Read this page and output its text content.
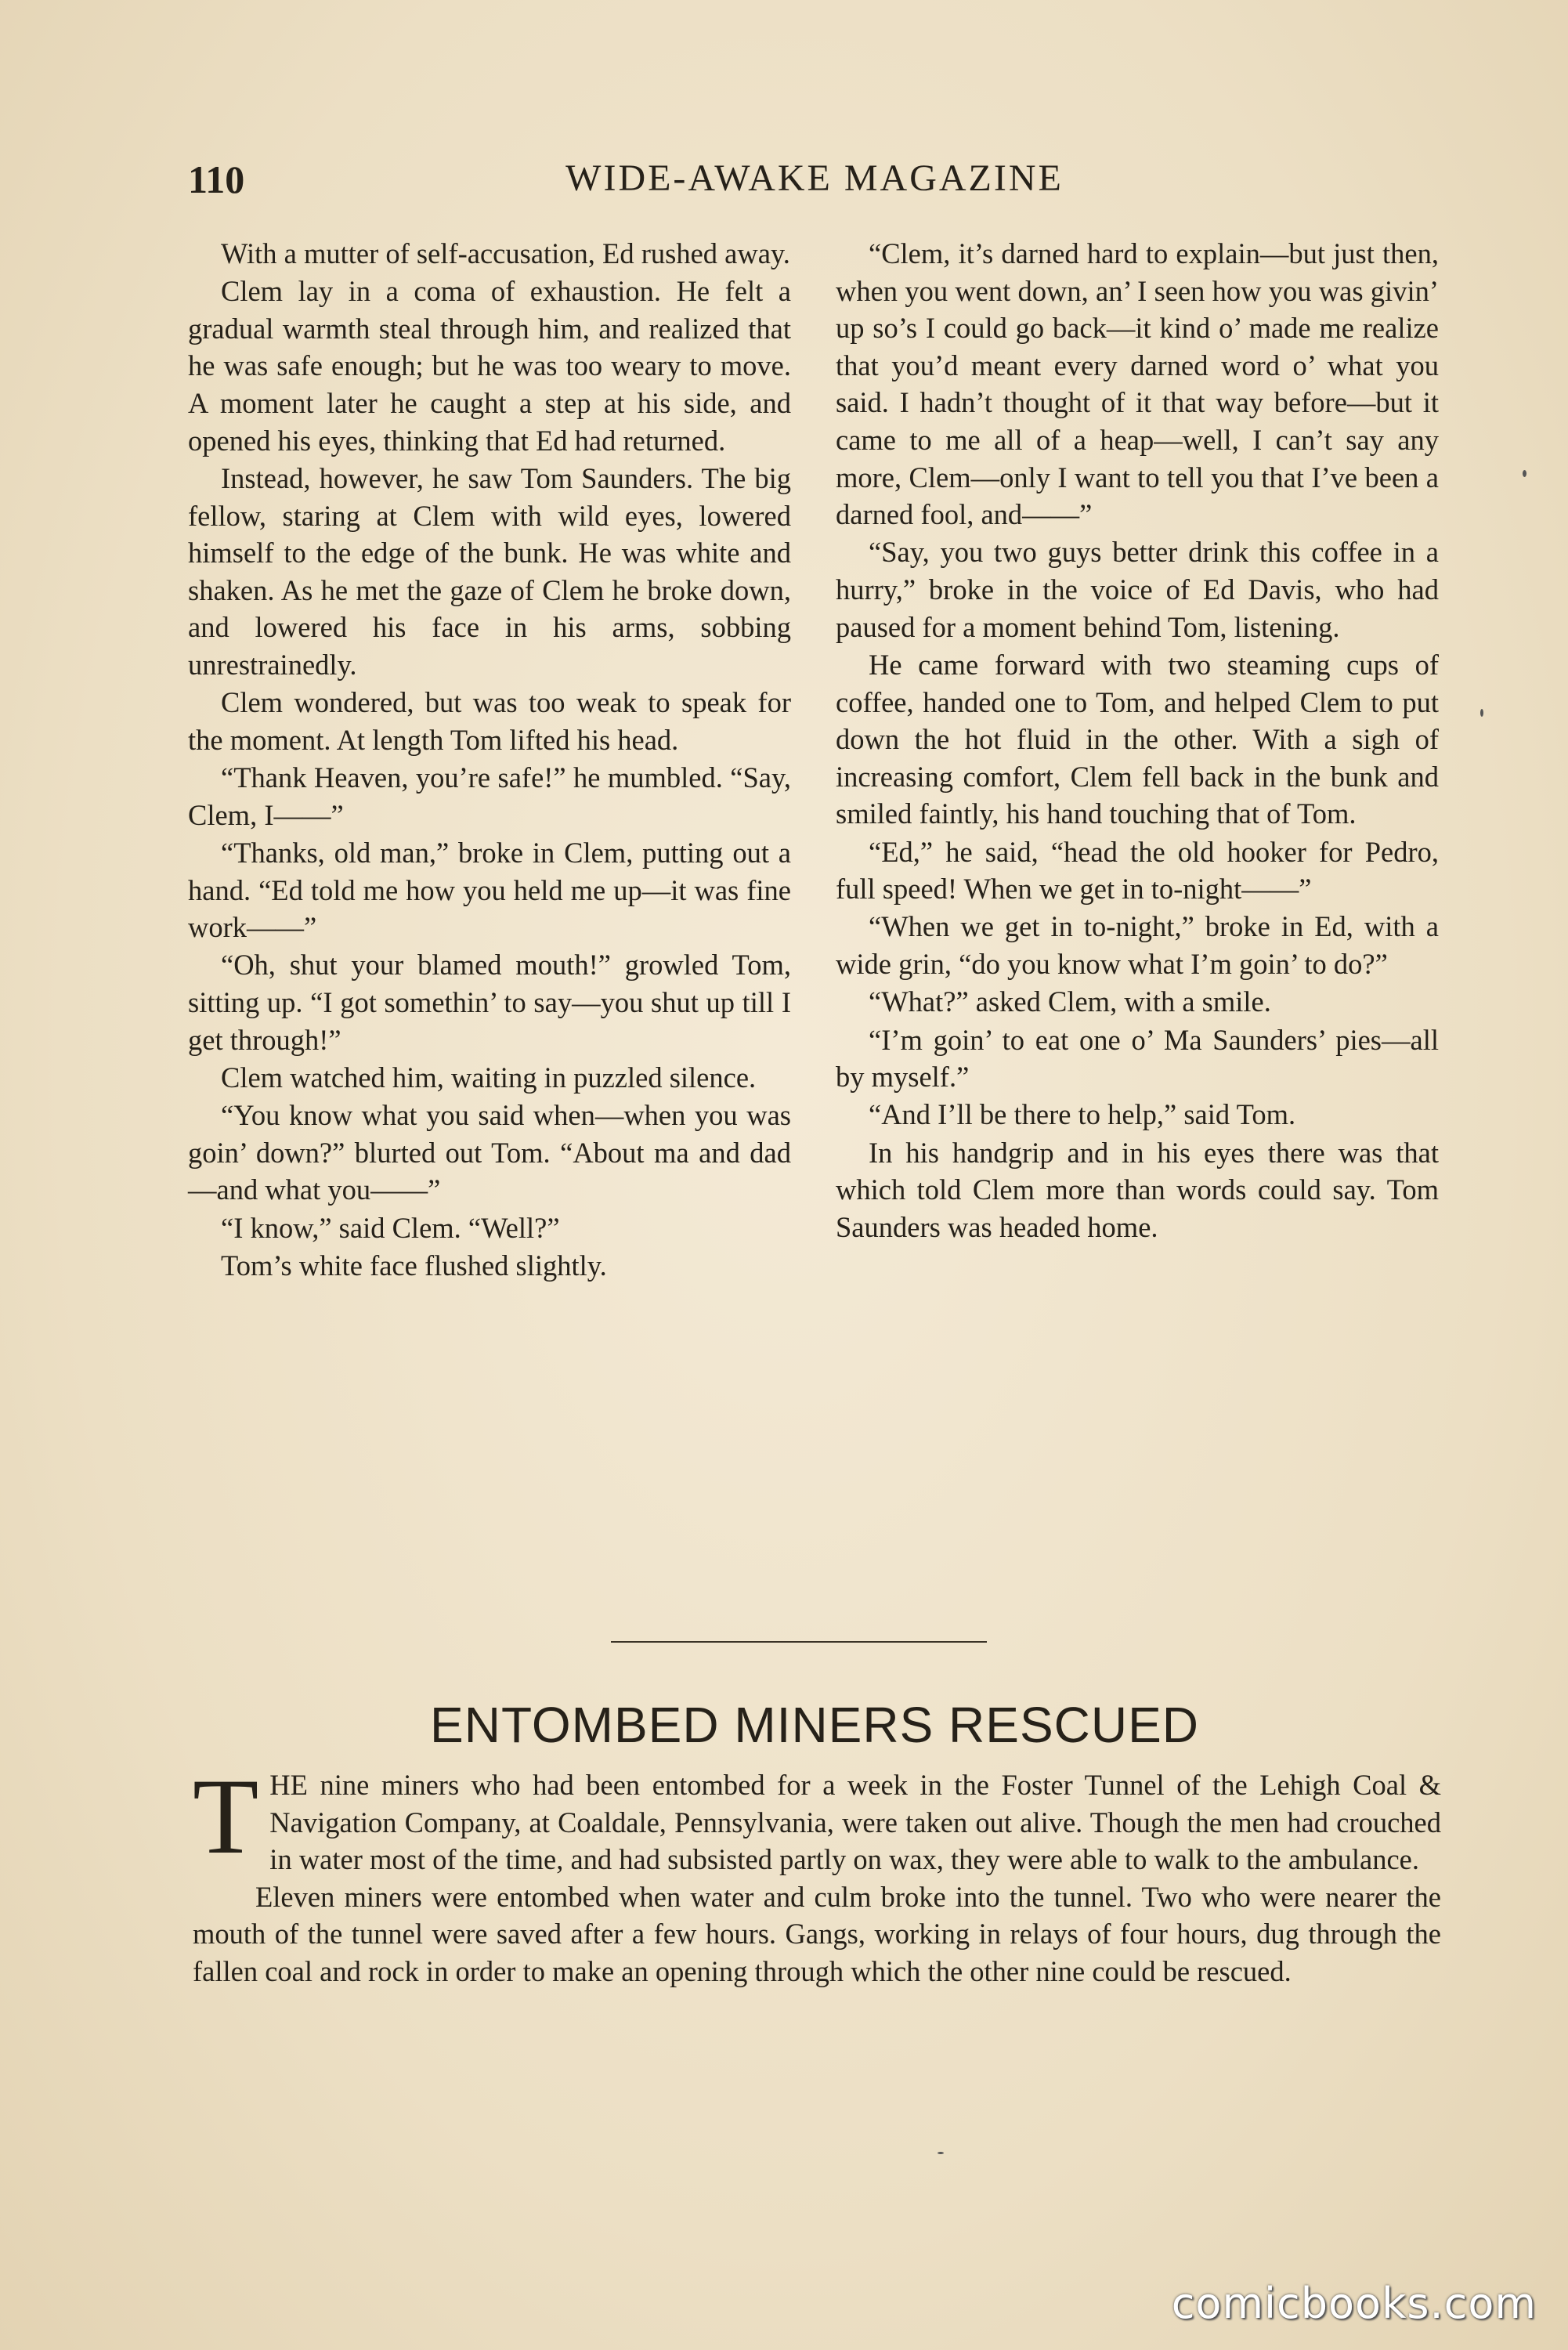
110	WIDE-AWAKE MAGAZINE

With a mutter of self-accusation, Ed rushed away.

Clem lay in a coma of exhaustion. He felt a gradual warmth steal through him, and realized that he was safe enough; but he was too weary to move. A moment later he caught a step at his side, and opened his eyes, thinking that Ed had returned.

Instead, however, he saw Tom Saunders. The big fellow, staring at Clem with wild eyes, lowered himself to the edge of the bunk. He was white and shaken. As he met the gaze of Clem he broke down, and lowered his face in his arms, sobbing unrestrainedly.

Clem wondered, but was too weak to speak for the moment. At length Tom lifted his head.

“Thank Heaven, you’re safe!” he mumbled. “Say, Clem, I——”

“Thanks, old man,” broke in Clem, putting out a hand. “Ed told me how you held me up—it was fine work——”

“Oh, shut your blamed mouth!” growled Tom, sitting up. “I got somethin’ to say—you shut up till I get through!”

Clem watched him, waiting in puzzled silence.

“You know what you said when—when you was goin’ down?” blurted out Tom. “About ma and dad—and what you——”

“I know,” said Clem. “Well?”

Tom’s white face flushed slightly.

“Clem, it’s darned hard to explain—but just then, when you went down, an’ I seen how you was givin’ up so’s I could go back—it kind o’ made me realize that you’d meant every darned word o’ what you said. I hadn’t thought of it that way before—but it came to me all of a heap—well, I can’t say any more, Clem—only I want to tell you that I’ve been a darned fool, and——”

“Say, you two guys better drink this coffee in a hurry,” broke in the voice of Ed Davis, who had paused for a moment behind Tom, listening.

He came forward with two steaming cups of coffee, handed one to Tom, and helped Clem to put down the hot fluid in the other. With a sigh of increasing comfort, Clem fell back in the bunk and smiled faintly, his hand touching that of Tom.

“Ed,” he said, “head the old hooker for Pedro, full speed! When we get in to-night——”

“When we get in to-night,” broke in Ed, with a wide grin, “do you know what I’m goin’ to do?”

“What?” asked Clem, with a smile.

“I’m goin’ to eat one o’ Ma Saunders’ pies—all by myself.”

“And I’ll be there to help,” said Tom.

In his handgrip and in his eyes there was that which told Clem more than words could say. Tom Saunders was headed home.

ENTOMBED MINERS RESCUED

THE nine miners who had been entombed for a week in the Foster Tunnel of the Lehigh Coal & Navigation Company, at Coaldale, Pennsylvania, were taken out alive. Though the men had crouched in water most of the time, and had subsisted partly on wax, they were able to walk to the ambulance.

Eleven miners were entombed when water and culm broke into the tunnel. Two who were nearer the mouth of the tunnel were saved after a few hours. Gangs, working in relays of four hours, dug through the fallen coal and rock in order to make an opening through which the other nine could be rescued.

comicbooks.com
